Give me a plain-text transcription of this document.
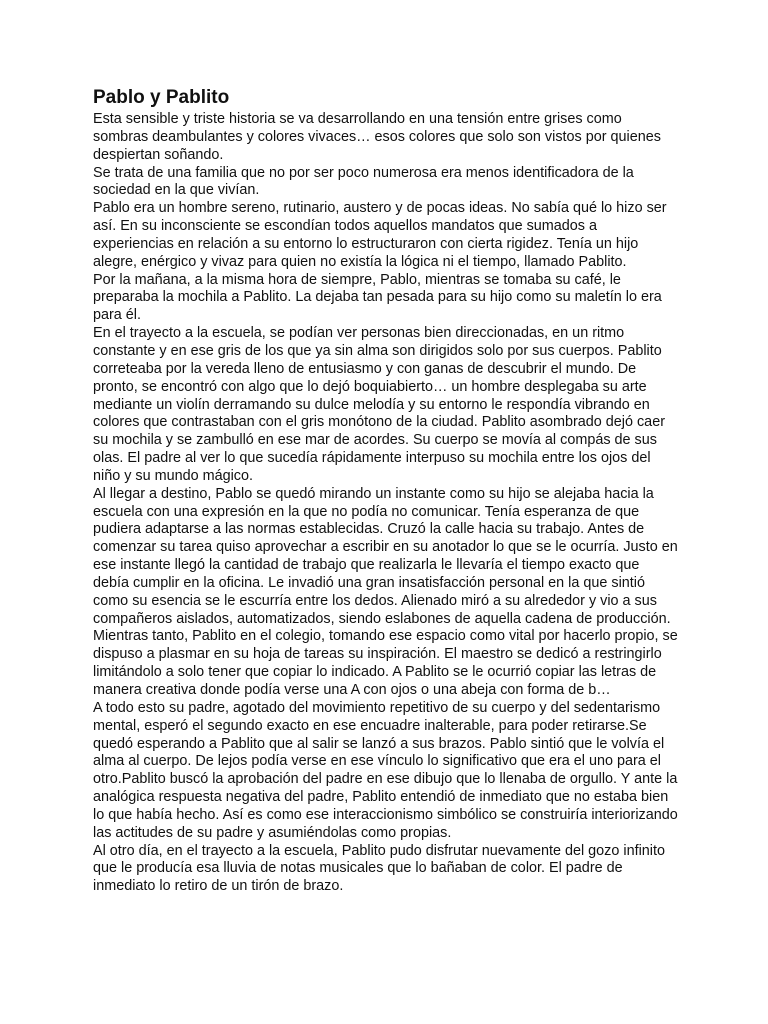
Pablo y Pablito

Esta sensible y triste historia se va desarrollando en una tensión entre grises como sombras deambulantes y colores vivaces… esos colores que solo son vistos por quienes despiertan soñando.

Se trata de una familia que no por ser poco numerosa era menos identificadora de la sociedad en la que vivían.

Pablo era un hombre sereno, rutinario, austero y de pocas ideas. No sabía qué lo hizo ser así. En su inconsciente se escondían todos aquellos mandatos que sumados a experiencias en relación a su entorno lo estructuraron con cierta rigidez. Tenía un hijo alegre, enérgico y vivaz para quien no existía la lógica ni el tiempo, llamado Pablito.

Por la mañana, a la misma hora de siempre, Pablo, mientras se tomaba su café, le preparaba la mochila a Pablito. La dejaba tan pesada para su hijo como su maletín lo era para él.

En el trayecto a la escuela, se podían ver personas bien direccionadas, en un ritmo constante y en ese gris de los que ya sin alma son dirigidos solo por sus cuerpos. Pablito correteaba por la vereda lleno de entusiasmo y con ganas de descubrir el mundo. De pronto, se encontró con algo que lo dejó boquiabierto… un hombre desplegaba su arte mediante un violín derramando su dulce melodía y su entorno le respondía vibrando en colores que contrastaban con el gris monótono de la ciudad. Pablito asombrado dejó caer su mochila y se zambulló en ese mar de acordes. Su cuerpo se movía al compás de sus olas. El padre al ver lo que sucedía rápidamente interpuso su mochila entre los ojos del niño y su mundo mágico.

Al llegar a destino, Pablo se quedó mirando un instante como su hijo se alejaba hacia la escuela con una expresión en la que no podía no comunicar. Tenía esperanza de que pudiera adaptarse a las normas establecidas. Cruzó la calle hacia su trabajo. Antes de comenzar su tarea quiso aprovechar a escribir en su anotador lo que se le ocurría. Justo en ese instante llegó la cantidad de trabajo que realizarla le llevaría el tiempo exacto que debía cumplir en la oficina. Le invadió una gran insatisfacción personal en la que sintió como su esencia se le escurría entre los dedos. Alienado miró a su alrededor y vio a sus compañeros aislados, automatizados, siendo eslabones de aquella cadena de producción.

Mientras tanto, Pablito en el colegio, tomando ese espacio como vital por hacerlo propio, se dispuso a plasmar en su hoja de tareas su inspiración. El maestro se dedicó a restringirlo limitándolo a solo tener que copiar lo indicado. A Pablito se le ocurrió copiar las letras de manera creativa donde podía verse una A con ojos o una abeja con forma de b…

A todo esto su padre, agotado del movimiento repetitivo de su cuerpo y del sedentarismo mental, esperó el segundo exacto en ese encuadre inalterable, para poder retirarse.Se quedó esperando a Pablito que al salir se lanzó a sus brazos. Pablo sintió que le volvía el alma al cuerpo. De lejos podía verse en ese vínculo lo significativo que era el uno para el otro.Pablito buscó la aprobación del padre en ese dibujo que lo llenaba de orgullo. Y ante la analógica respuesta negativa del padre, Pablito entendió de inmediato que no estaba bien lo que había hecho. Así es como ese interaccionismo simbólico se construiría interiorizando las actitudes de su padre y asumiéndolas como propias.

Al otro día, en el trayecto a la escuela, Pablito pudo disfrutar nuevamente del gozo infinito que le producía esa lluvia de notas musicales que lo bañaban de color. El padre de inmediato lo retiro de un tirón de brazo.
